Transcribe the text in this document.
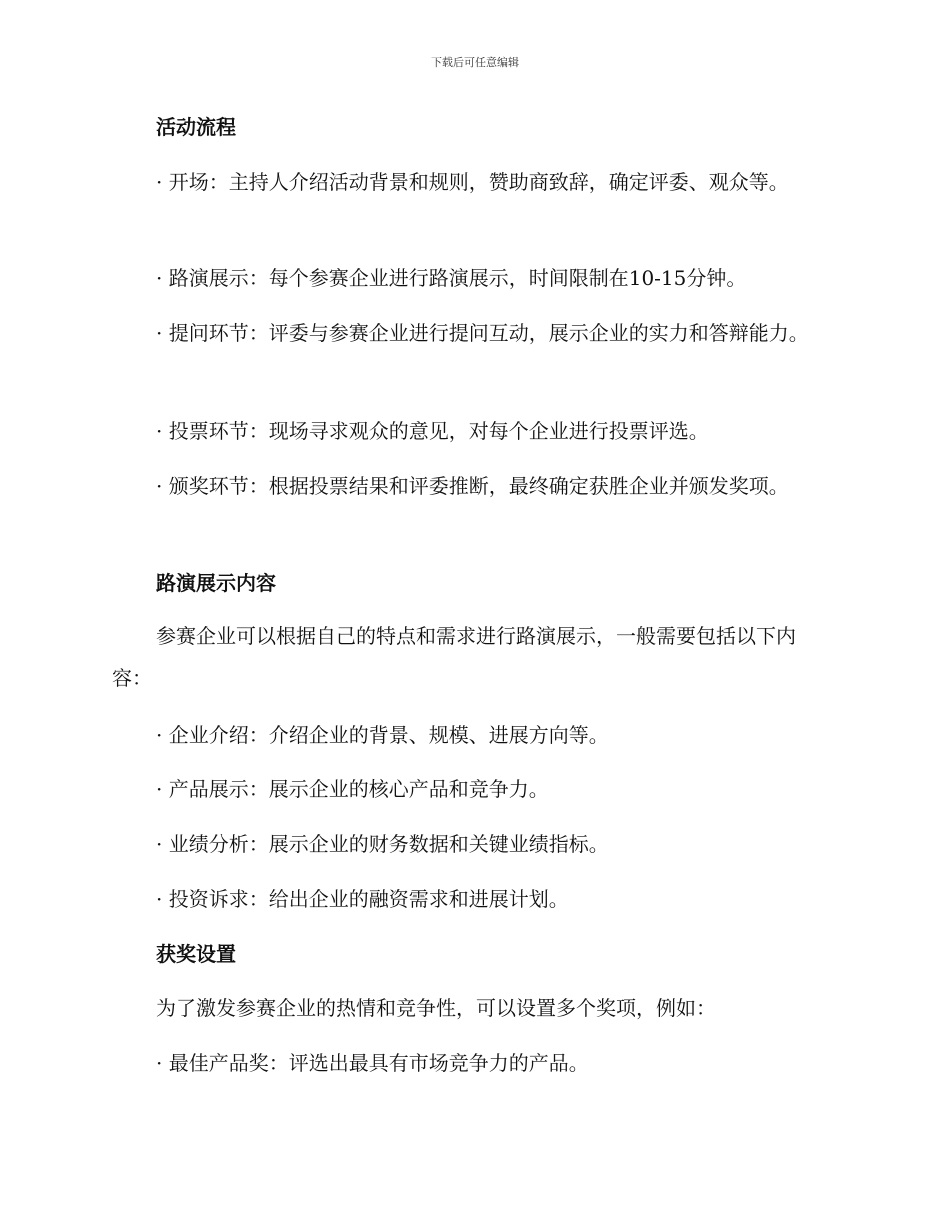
下载后可任意编辑
活动流程

· 开场：主持人介绍活动背景和规则，赞助商致辞，确定评委、观众等。

· 路演展示：每个参赛企业进行路演展示，时间限制在10-15分钟。

· 提问环节：评委与参赛企业进行提问互动，展示企业的实力和答辩能力。

· 投票环节：现场寻求观众的意见，对每个企业进行投票评选。

· 颁奖环节：根据投票结果和评委推断，最终确定获胜企业并颁发奖项。

路演展示内容

参赛企业可以根据自己的特点和需求进行路演展示，一般需要包括以下内容：

· 企业介绍：介绍企业的背景、规模、进展方向等。

· 产品展示：展示企业的核心产品和竞争力。

· 业绩分析：展示企业的财务数据和关键业绩指标。

· 投资诉求：给出企业的融资需求和进展计划。

获奖设置

为了激发参赛企业的热情和竞争性，可以设置多个奖项，例如：

· 最佳产品奖：评选出最具有市场竞争力的产品。
